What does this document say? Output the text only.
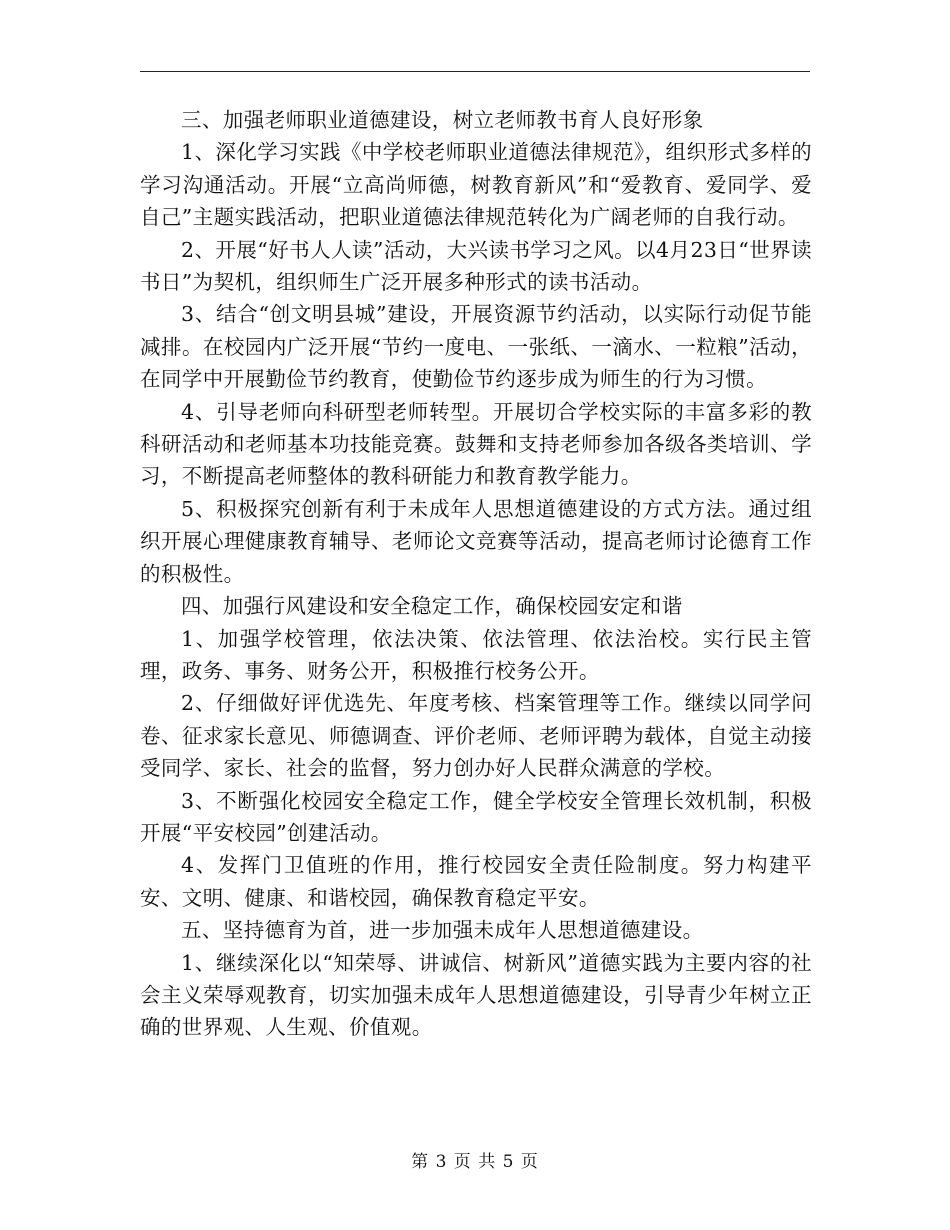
三、加强老师职业道德建设，树立老师教书育人良好形象

1、深化学习实践《中学校老师职业道德法律规范》，组织形式多样的学习沟通活动。开展“立高尚师德，树教育新风”和“爱教育、爱同学、爱自己”主题实践活动，把职业道德法律规范转化为广阔老师的自我行动。

2、开展“好书人人读”活动，大兴读书学习之风。以4月23日“世界读书日”为契机，组织师生广泛开展多种形式的读书活动。

3、结合“创文明县城”建设，开展资源节约活动，以实际行动促节能减排。在校园内广泛开展“节约一度电、一张纸、一滴水、一粒粮”活动，在同学中开展勤俭节约教育，使勤俭节约逐步成为师生的行为习惯。

4、引导老师向科研型老师转型。开展切合学校实际的丰富多彩的教科研活动和老师基本功技能竞赛。鼓舞和支持老师参加各级各类培训、学习，不断提高老师整体的教科研能力和教育教学能力。

5、积极探究创新有利于未成年人思想道德建设的方式方法。通过组织开展心理健康教育辅导、老师论文竞赛等活动，提高老师讨论德育工作的积极性。

四、加强行风建设和安全稳定工作，确保校园安定和谐

1、加强学校管理，依法决策、依法管理、依法治校。实行民主管理，政务、事务、财务公开，积极推行校务公开。

2、仔细做好评优选先、年度考核、档案管理等工作。继续以同学问卷、征求家长意见、师德调查、评价老师、老师评聘为载体，自觉主动接受同学、家长、社会的监督，努力创办好人民群众满意的学校。

3、不断强化校园安全稳定工作，健全学校安全管理长效机制，积极开展“平安校园”创建活动。

4、发挥门卫值班的作用，推行校园安全责任险制度。努力构建平安、文明、健康、和谐校园，确保教育稳定平安。

五、坚持德育为首，进一步加强未成年人思想道德建设。

1、继续深化以“知荣辱、讲诚信、树新风”道德实践为主要内容的社会主义荣辱观教育，切实加强未成年人思想道德建设，引导青少年树立正确的世界观、人生观、价值观。

第 3 页 共 5 页
